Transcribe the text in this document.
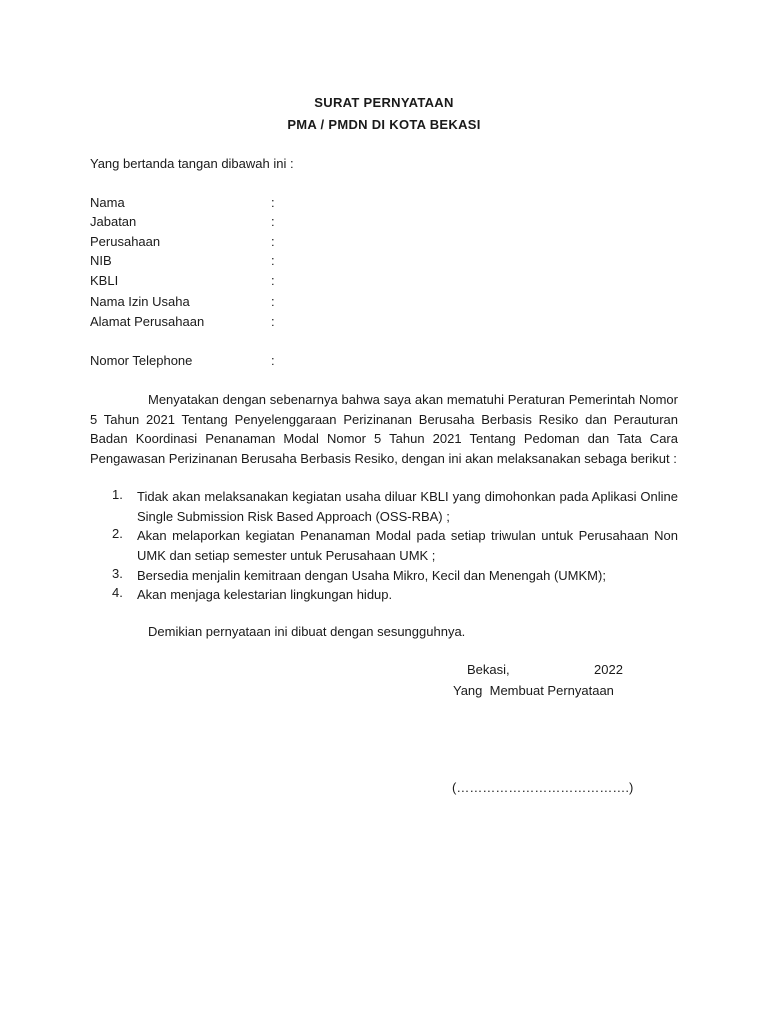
SURAT PERNYATAAN
PMA / PMDN DI KOTA BEKASI
Yang bertanda tangan dibawah ini :
Nama	:
Jabatan	:
Perusahaan	:
NIB	:
KBLI	:
Nama Izin Usaha	:
Alamat Perusahaan	:
Nomor Telephone	:
Menyatakan dengan sebenarnya bahwa saya akan mematuhi Peraturan Pemerintah Nomor 5 Tahun 2021 Tentang Penyelenggaraan Perizinanan Berusaha Berbasis Resiko dan Perauturan Badan Koordinasi Penanaman Modal Nomor 5 Tahun 2021 Tentang Pedoman dan Tata Cara Pengawasan Perizinanan Berusaha Berbasis Resiko, dengan ini akan melaksanakan sebaga berikut :
1. Tidak akan melaksanakan kegiatan usaha diluar KBLI yang dimohonkan pada Aplikasi Online Single Submission Risk Based Approach (OSS-RBA) ;
2. Akan melaporkan kegiatan Penanaman Modal pada setiap triwulan untuk Perusahaan Non UMK dan setiap semester untuk Perusahaan UMK ;
3. Bersedia menjalin kemitraan dengan Usaha Mikro, Kecil dan Menengah (UMKM);
4. Akan menjaga kelestarian lingkungan hidup.
Demikian pernyataan ini dibuat dengan sesungguhnya.
Bekasi,	2022
Yang  Membuat Pernyataan
(………………………………….)
